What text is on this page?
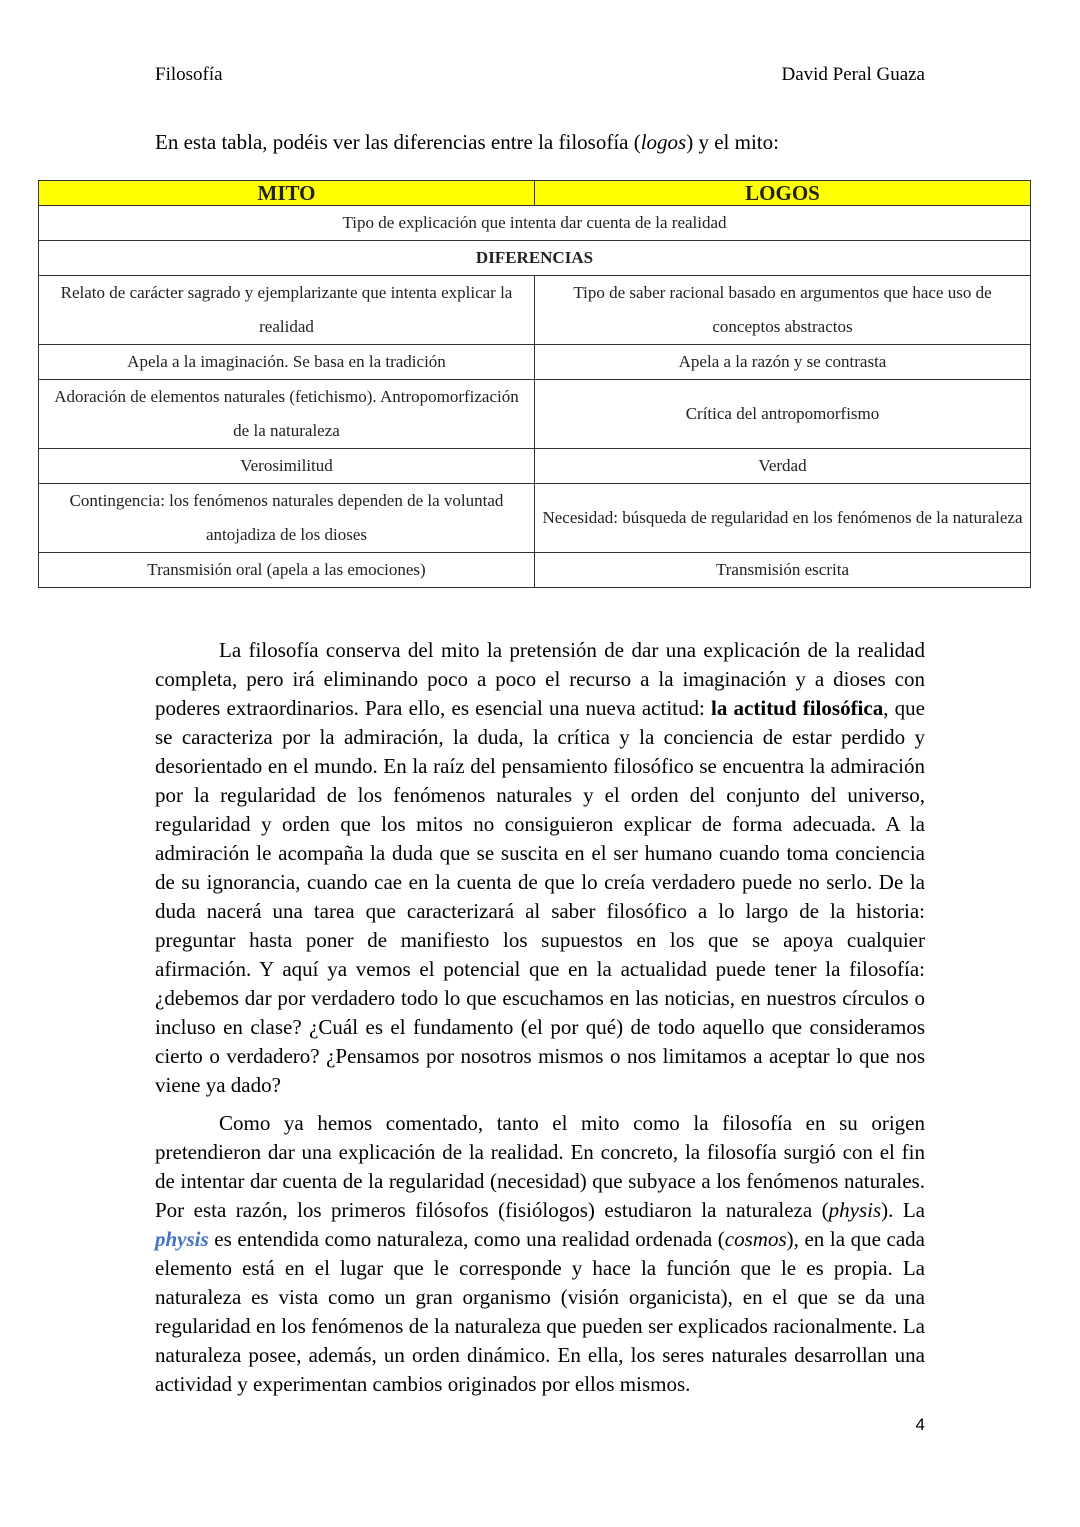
Filosofía	David Peral Guaza
En esta tabla, podéis ver las diferencias entre la filosofía (logos) y el mito:
MITO	LOGOS
Tipo de explicación que intenta dar cuenta de la realidad	
DIFERENCIAS	
Relato de carácter sagrado y ejemplarizante que intenta explicar la realidad	Tipo de saber racional basado en argumentos que hace uso de conceptos abstractos
Apela a la imaginación. Se basa en la tradición	Apela a la razón y se contrasta
Adoración de elementos naturales (fetichismo). Antropomorfización de la naturaleza	Crítica del antropomorfismo
Verosimilitud	Verdad
Contingencia: los fenómenos naturales dependen de la voluntad antojadiza de los dioses	Necesidad: búsqueda de regularidad en los fenómenos de la naturaleza
Transmisión oral (apela a las emociones)	Transmisión escrita

La filosofía conserva del mito la pretensión de dar una explicación de la realidad completa, pero irá eliminando poco a poco el recurso a la imaginación y a dioses con poderes extraordinarios. Para ello, es esencial una nueva actitud: la actitud filosófica, que se caracteriza por la admiración, la duda, la crítica y la conciencia de estar perdido y desorientado en el mundo. En la raíz del pensamiento filosófico se encuentra la admiración por la regularidad de los fenómenos naturales y el orden del conjunto del universo, regularidad y orden que los mitos no consiguieron explicar de forma adecuada. A la admiración le acompaña la duda que se suscita en el ser humano cuando toma conciencia de su ignorancia, cuando cae en la cuenta de que lo creía verdadero puede no serlo. De la duda nacerá una tarea que caracterizará al saber filosófico a lo largo de la historia: preguntar hasta poner de manifiesto los supuestos en los que se apoya cualquier afirmación. Y aquí ya vemos el potencial que en la actualidad puede tener la filosofía: ¿debemos dar por verdadero todo lo que escuchamos en las noticias, en nuestros círculos o incluso en clase? ¿Cuál es el fundamento (el por qué) de todo aquello que consideramos cierto o verdadero? ¿Pensamos por nosotros mismos o nos limitamos a aceptar lo que nos viene ya dado?

Como ya hemos comentado, tanto el mito como la filosofía en su origen pretendieron dar una explicación de la realidad. En concreto, la filosofía surgió con el fin de intentar dar cuenta de la regularidad (necesidad) que subyace a los fenómenos naturales. Por esta razón, los primeros filósofos (fisiólogos) estudiaron la naturaleza (physis). La physis es entendida como naturaleza, como una realidad ordenada (cosmos), en la que cada elemento está en el lugar que le corresponde y hace la función que le es propia. La naturaleza es vista como un gran organismo (visión organicista), en el que se da una regularidad en los fenómenos de la naturaleza que pueden ser explicados racionalmente. La naturaleza posee, además, un orden dinámico. En ella, los seres naturales desarrollan una actividad y experimentan cambios originados por ellos mismos.

4
